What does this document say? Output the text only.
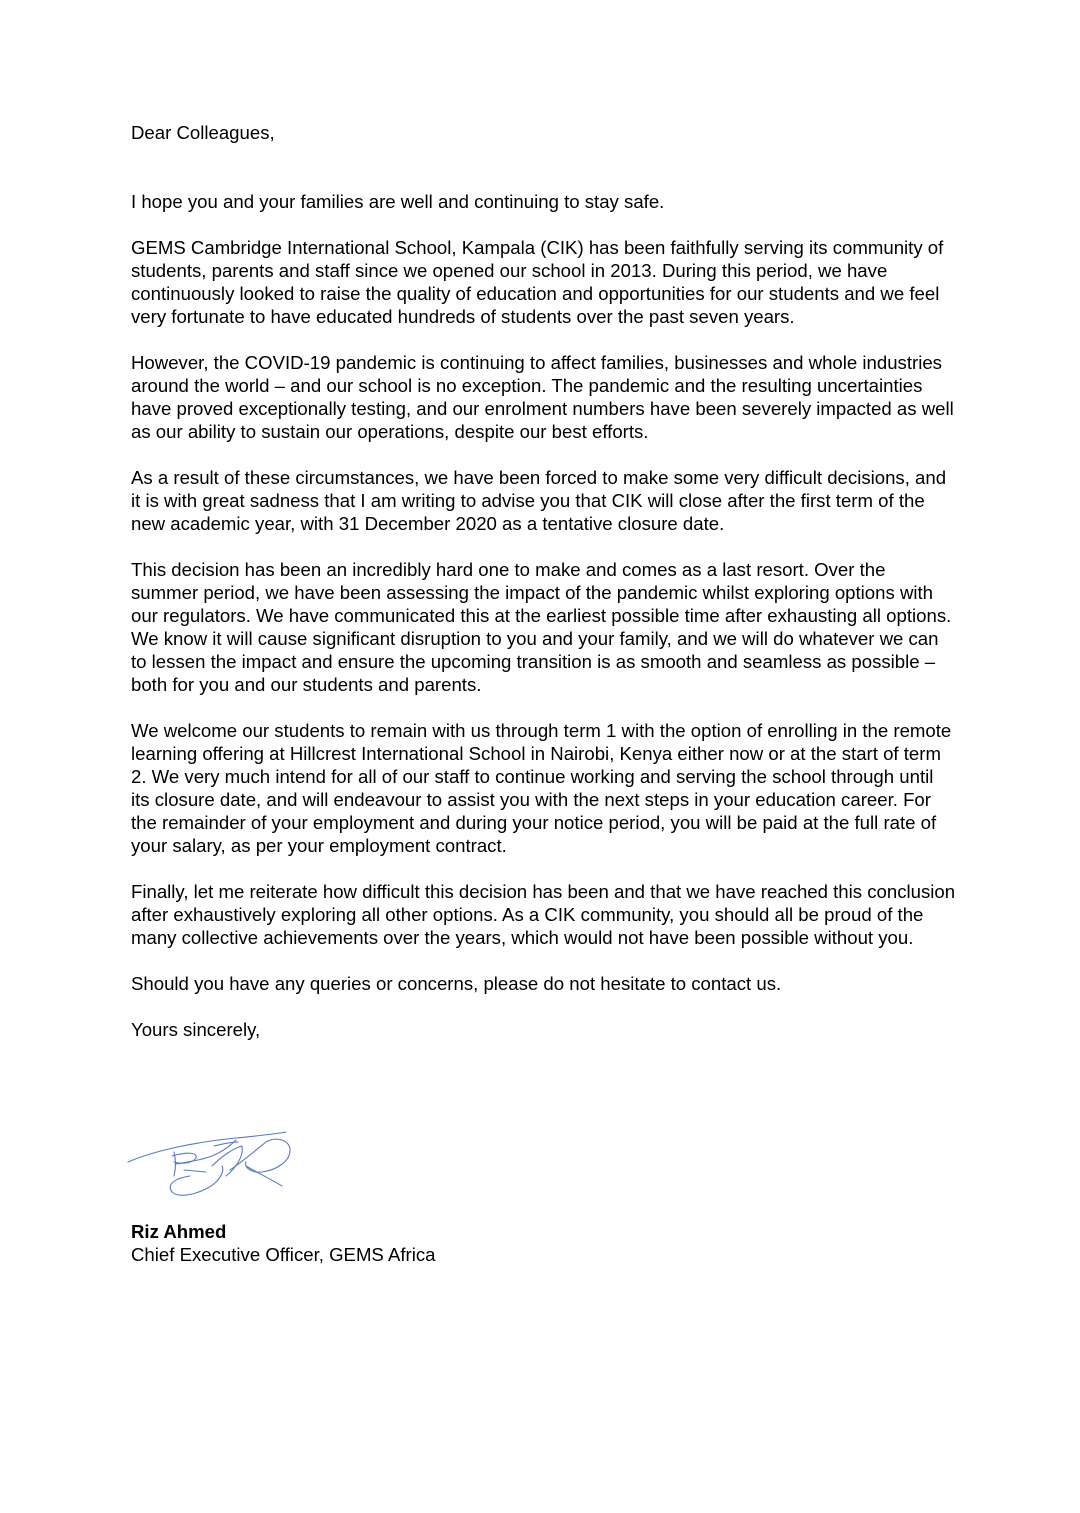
Dear Colleagues,

I hope you and your families are well and continuing to stay safe.

GEMS Cambridge International School, Kampala (CIK) has been faithfully serving its community of students, parents and staff since we opened our school in 2013. During this period, we have continuously looked to raise the quality of education and opportunities for our students and we feel very fortunate to have educated hundreds of students over the past seven years.

However, the COVID-19 pandemic is continuing to affect families, businesses and whole industries around the world – and our school is no exception. The pandemic and the resulting uncertainties have proved exceptionally testing, and our enrolment numbers have been severely impacted as well as our ability to sustain our operations, despite our best efforts.

As a result of these circumstances, we have been forced to make some very difficult decisions, and it is with great sadness that I am writing to advise you that CIK will close after the first term of the new academic year, with 31 December 2020 as a tentative closure date.

This decision has been an incredibly hard one to make and comes as a last resort. Over the summer period, we have been assessing the impact of the pandemic whilst exploring options with our regulators. We have communicated this at the earliest possible time after exhausting all options. We know it will cause significant disruption to you and your family, and we will do whatever we can to lessen the impact and ensure the upcoming transition is as smooth and seamless as possible – both for you and our students and parents.

We welcome our students to remain with us through term 1 with the option of enrolling in the remote learning offering at Hillcrest International School in Nairobi, Kenya either now or at the start of term 2. We very much intend for all of our staff to continue working and serving the school through until its closure date, and will endeavour to assist you with the next steps in your education career. For the remainder of your employment and during your notice period, you will be paid at the full rate of your salary, as per your employment contract.

Finally, let me reiterate how difficult this decision has been and that we have reached this conclusion after exhaustively exploring all other options. As a CIK community, you should all be proud of the many collective achievements over the years, which would not have been possible without you.

Should you have any queries or concerns, please do not hesitate to contact us.

Yours sincerely,

Riz Ahmed
Chief Executive Officer, GEMS Africa
